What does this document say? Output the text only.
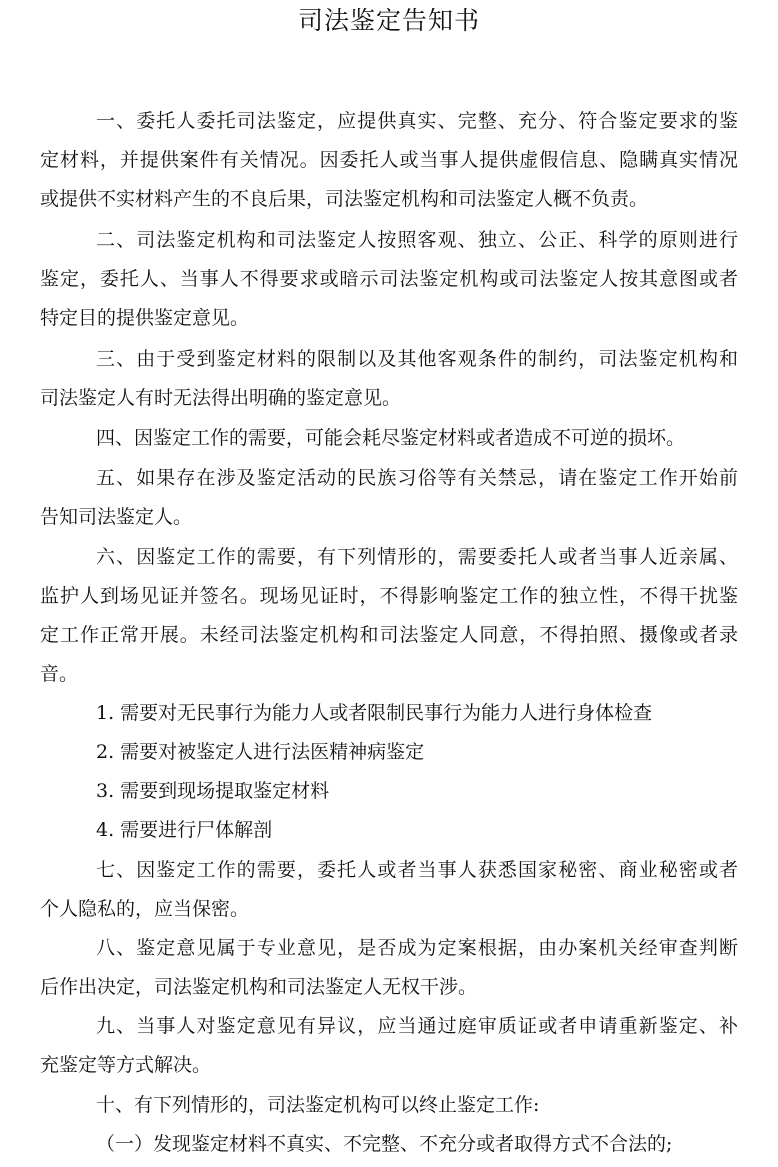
司法鉴定告知书
一、委托人委托司法鉴定，应提供真实、完整、充分、符合鉴定要求的鉴
定材料，并提供案件有关情况。因委托人或当事人提供虚假信息、隐瞒真实情况
或提供不实材料产生的不良后果，司法鉴定机构和司法鉴定人概不负责。
二、司法鉴定机构和司法鉴定人按照客观、独立、公正、科学的原则进行
鉴定，委托人、当事人不得要求或暗示司法鉴定机构或司法鉴定人按其意图或者
特定目的提供鉴定意见。
三、由于受到鉴定材料的限制以及其他客观条件的制约，司法鉴定机构和
司法鉴定人有时无法得出明确的鉴定意见。
四、因鉴定工作的需要，可能会耗尽鉴定材料或者造成不可逆的损坏。
五、如果存在涉及鉴定活动的民族习俗等有关禁忌，请在鉴定工作开始前
告知司法鉴定人。
六、因鉴定工作的需要，有下列情形的，需要委托人或者当事人近亲属、
监护人到场见证并签名。现场见证时，不得影响鉴定工作的独立性，不得干扰鉴
定工作正常开展。未经司法鉴定机构和司法鉴定人同意，不得拍照、摄像或者录
音。
1. 需要对无民事行为能力人或者限制民事行为能力人进行身体检查
2. 需要对被鉴定人进行法医精神病鉴定
3. 需要到现场提取鉴定材料
4. 需要进行尸体解剖
七、因鉴定工作的需要，委托人或者当事人获悉国家秘密、商业秘密或者
个人隐私的，应当保密。
八、鉴定意见属于专业意见，是否成为定案根据，由办案机关经审查判断
后作出决定，司法鉴定机构和司法鉴定人无权干涉。
九、当事人对鉴定意见有异议，应当通过庭审质证或者申请重新鉴定、补
充鉴定等方式解决。
十、有下列情形的，司法鉴定机构可以终止鉴定工作:
（一）发现鉴定材料不真实、不完整、不充分或者取得方式不合法的;
